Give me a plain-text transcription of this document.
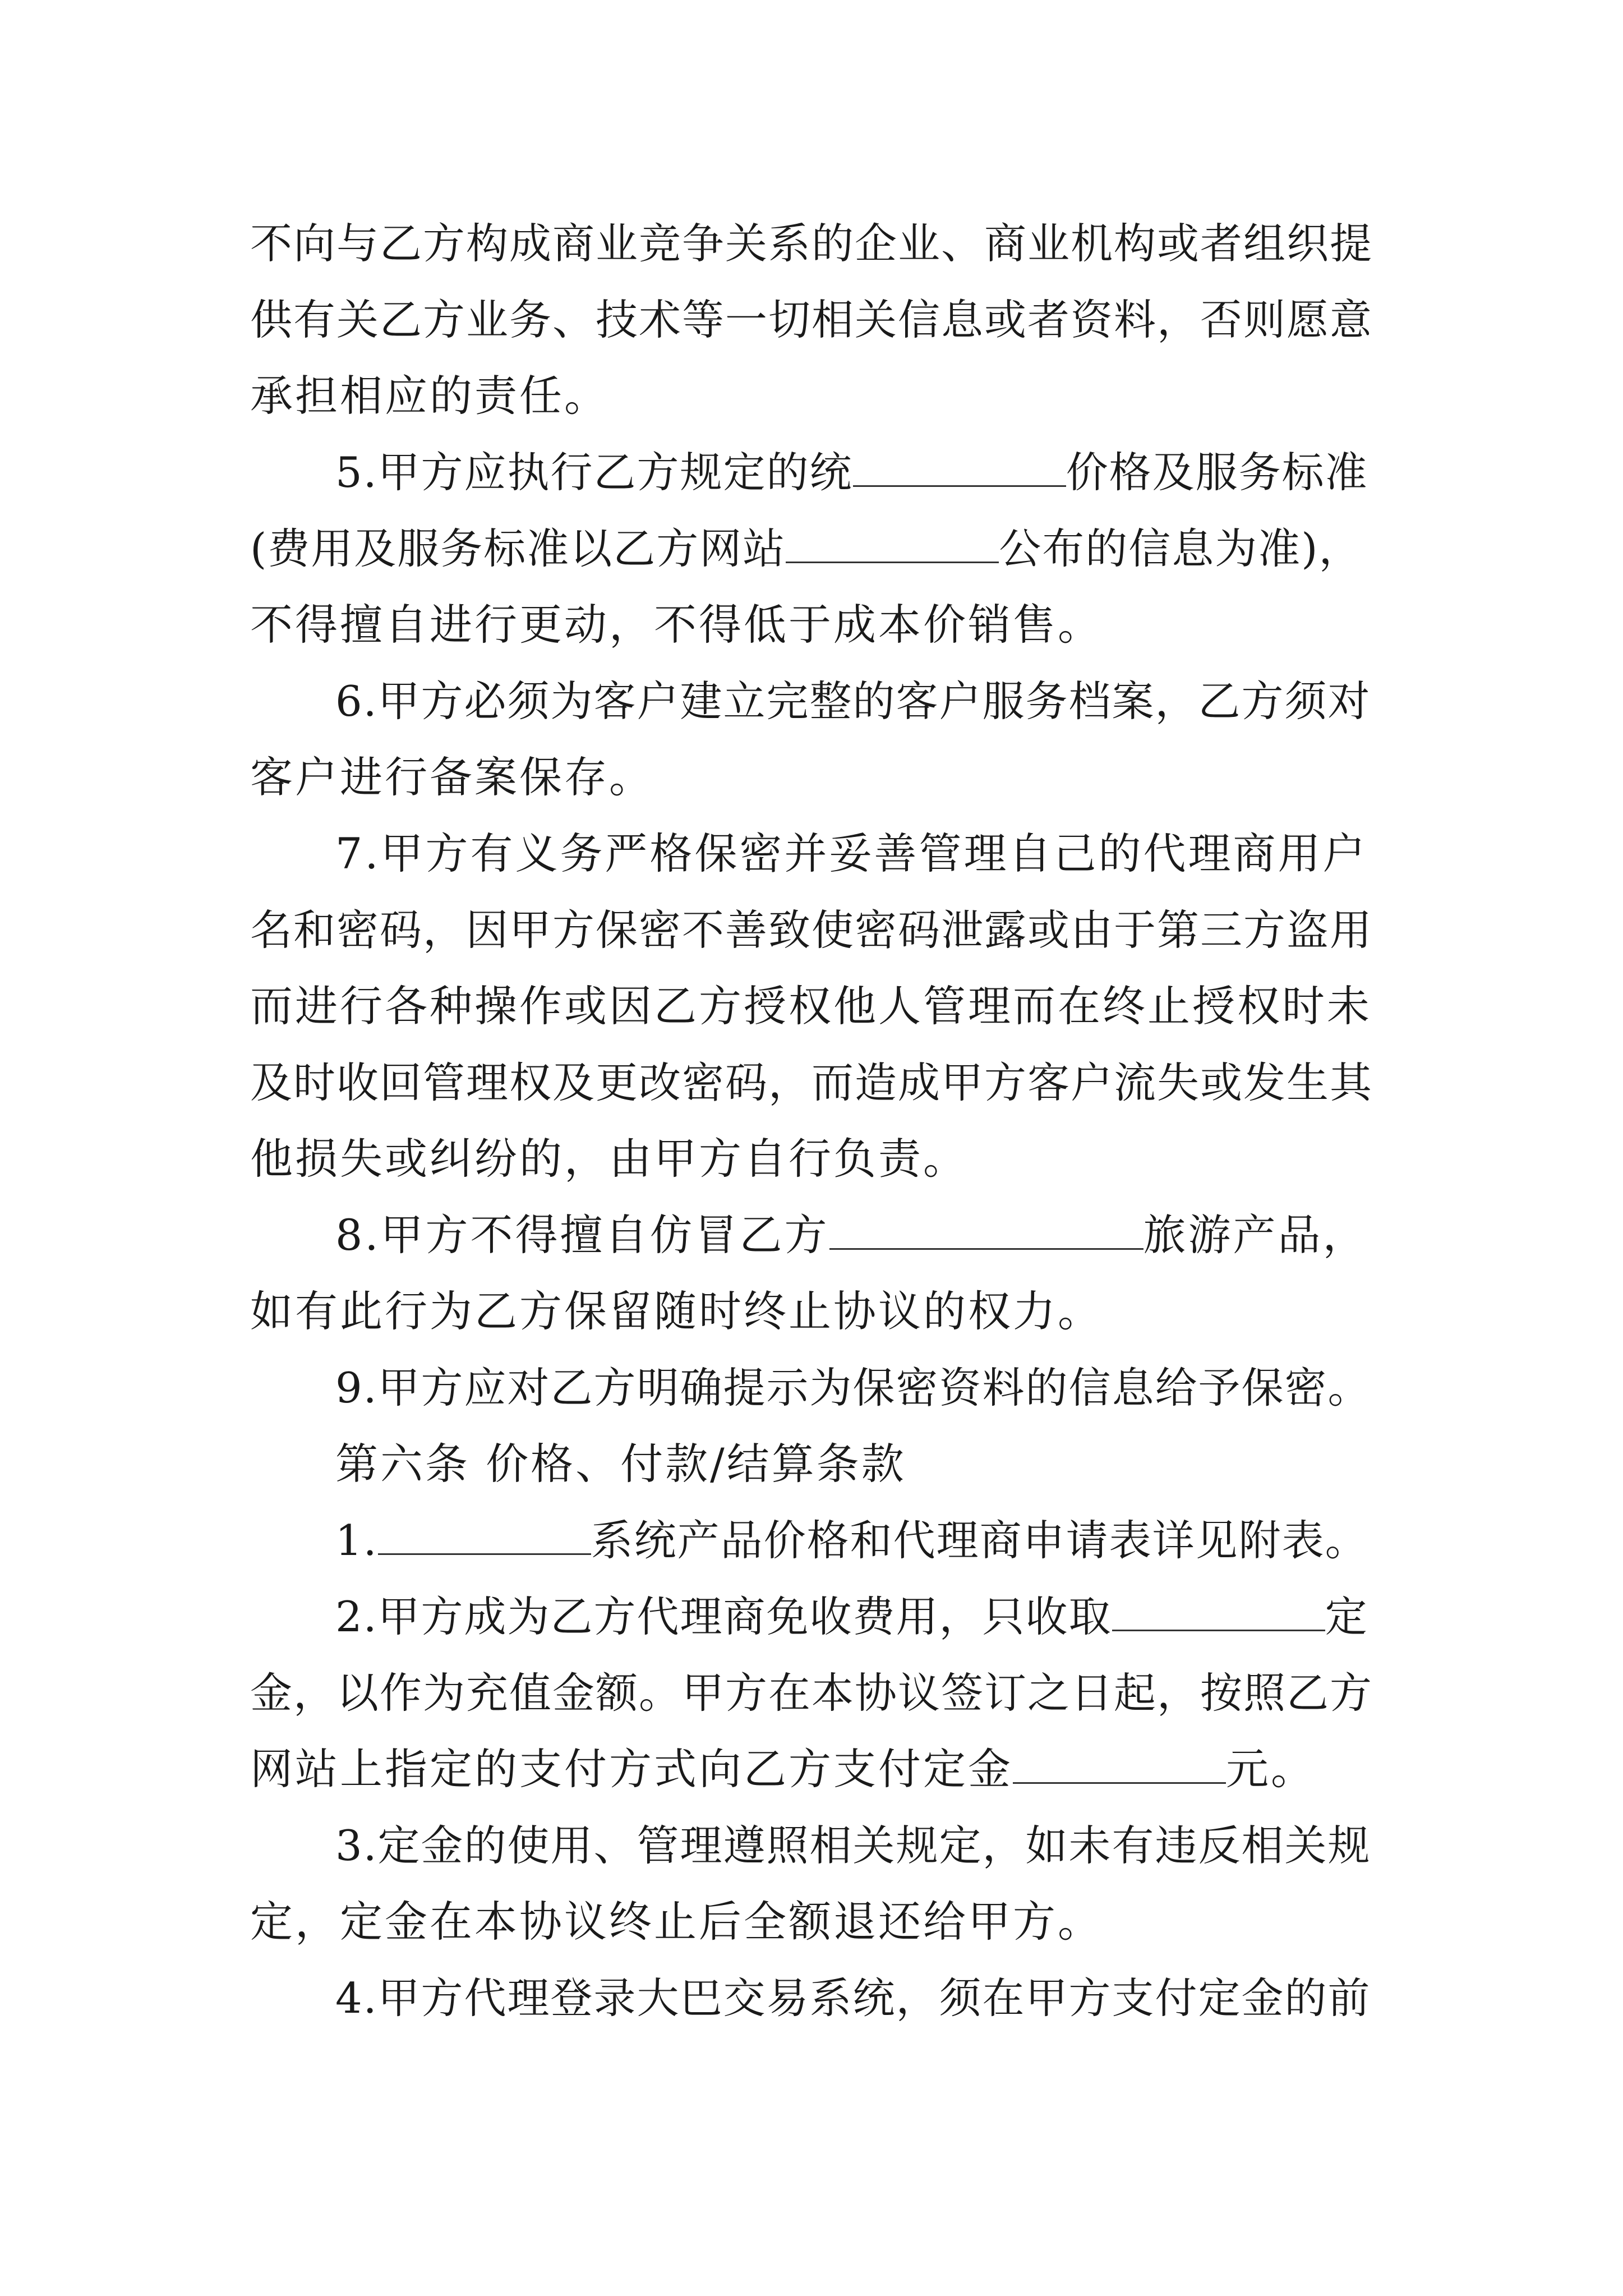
不向与乙方构成商业竞争关系的企业、商业机构或者组织提
供有关乙方业务、技术等一切相关信息或者资料，否则愿意
承担相应的责任。
5.甲方应执行乙方规定的统	价格及服务标准
(费用及服务标准以乙方网站	公布的信息为准)，
不得擅自进行更动，不得低于成本价销售。
6.甲方必须为客户建立完整的客户服务档案，乙方须对
客户进行备案保存。
7.甲方有义务严格保密并妥善管理自己的代理商用户
名和密码，因甲方保密不善致使密码泄露或由于第三方盗用
而进行各种操作或因乙方授权他人管理而在终止授权时未
及时收回管理权及更改密码，而造成甲方客户流失或发生其
他损失或纠纷的，由甲方自行负责。
8.甲方不得擅自仿冒乙方	旅游产品，
如有此行为乙方保留随时终止协议的权力。
9.甲方应对乙方明确提示为保密资料的信息给予保密。
第六条 价格、付款/结算条款
1.	系统产品价格和代理商申请表详见附表。
2.甲方成为乙方代理商免收费用，只收取	定
金，以作为充值金额。甲方在本协议签订之日起，按照乙方
网站上指定的支付方式向乙方支付定金	元。
3.定金的使用、管理遵照相关规定，如未有违反相关规
定，定金在本协议终止后全额退还给甲方。
4.甲方代理登录大巴交易系统，须在甲方支付定金的前
